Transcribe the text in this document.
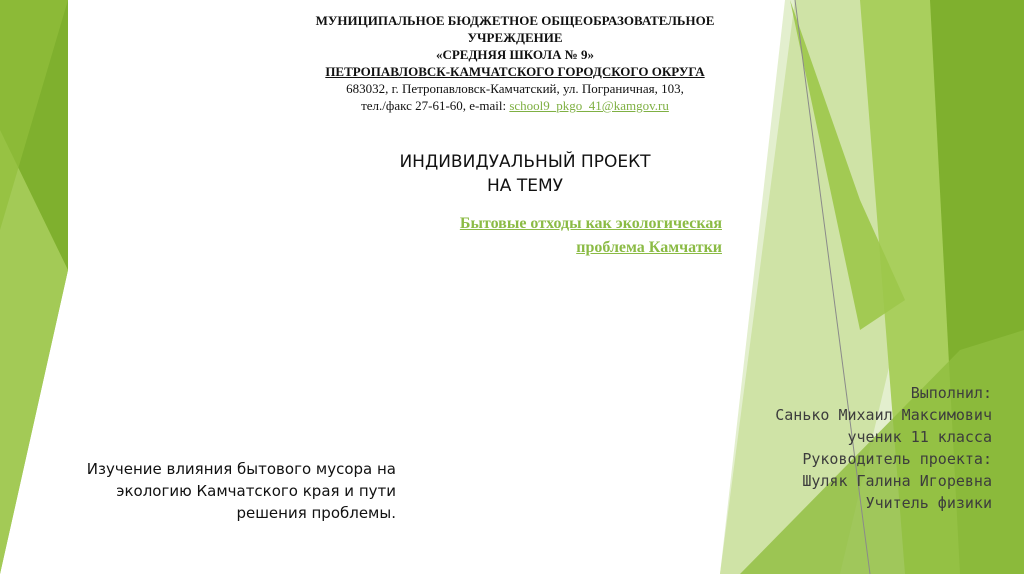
МУНИЦИПАЛЬНОЕ БЮДЖЕТНОЕ ОБЩЕОБРАЗОВАТЕЛЬНОЕ
УЧРЕЖДЕНИЕ
«СРЕДНЯЯ ШКОЛА № 9»
ПЕТРОПАВЛОВСК-КАМЧАТСКОГО ГОРОДСКОГО ОКРУГА
683032, г. Петропавловск-Камчатский, ул. Пограничная, 103,
тел./факс 27-61-60, e-mail: school9_pkgo_41@kamgov.ru
ИНДИВИДУАЛЬНЫЙ ПРОЕКТ
НА ТЕМУ
Бытовые отходы как экологическая
проблема Камчатки
Изучение влияния бытового мусора на
экологию Камчатского края и пути
решения проблемы.
Выполнил:
Санько Михаил Максимович
ученик 11 класса
Руководитель проекта:
Шуляк Галина Игоревна
Учитель физики
